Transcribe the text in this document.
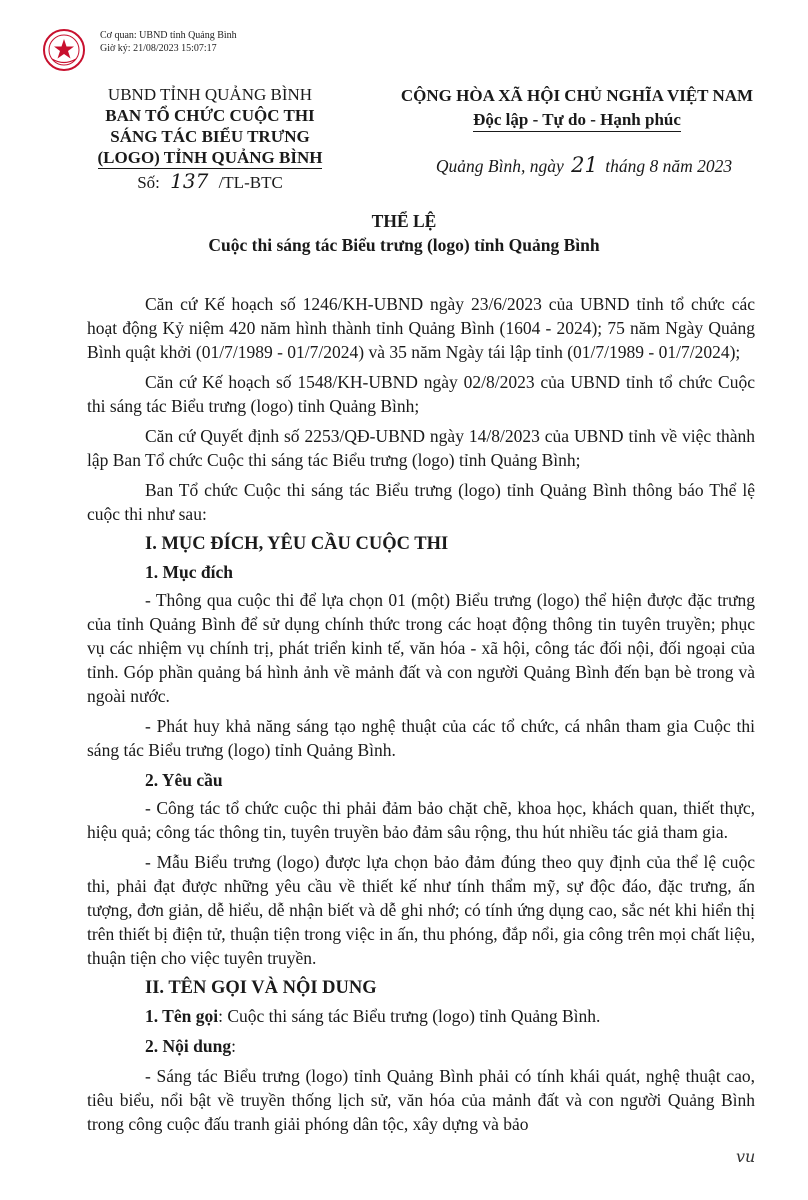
Cơ quan: UBND tỉnh Quảng Bình
Giờ ký: 21/08/2023 15:07:17
UBND TỈNH QUẢNG BÌNH
BAN TỔ CHỨC CUỘC THI
SÁNG TÁC BIỂU TRƯNG
(LOGO) TỈNH QUẢNG BÌNH
Số: 137 /TL-BTC
CỘNG HÒA XÃ HỘI CHỦ NGHĨA VIỆT NAM
Độc lập - Tự do - Hạnh phúc
Quảng Bình, ngày 21 tháng 8 năm 2023
THỂ LỆ
Cuộc thi sáng tác Biểu trưng (logo) tỉnh Quảng Bình

Căn cứ Kế hoạch số 1246/KH-UBND ngày 23/6/2023 của UBND tỉnh tổ chức các hoạt động Kỷ niệm 420 năm hình thành tỉnh Quảng Bình (1604 - 2024); 75 năm Ngày Quảng Bình quật khởi (01/7/1989 - 01/7/2024) và 35 năm Ngày tái lập tỉnh (01/7/1989 - 01/7/2024);

Căn cứ Kế hoạch số 1548/KH-UBND ngày 02/8/2023 của UBND tỉnh tổ chức Cuộc thi sáng tác Biểu trưng (logo) tỉnh Quảng Bình;

Căn cứ Quyết định số 2253/QĐ-UBND ngày 14/8/2023 của UBND tỉnh về việc thành lập Ban Tổ chức Cuộc thi sáng tác Biểu trưng (logo) tỉnh Quảng Bình;

Ban Tổ chức Cuộc thi sáng tác Biểu trưng (logo) tỉnh Quảng Bình thông báo Thể lệ cuộc thi như sau:

I. MỤC ĐÍCH, YÊU CẦU CUỘC THI
1. Mục đích

- Thông qua cuộc thi để lựa chọn 01 (một) Biểu trưng (logo) thể hiện được đặc trưng của tỉnh Quảng Bình để sử dụng chính thức trong các hoạt động thông tin tuyên truyền; phục vụ các nhiệm vụ chính trị, phát triển kinh tế, văn hóa - xã hội, công tác đối nội, đối ngoại của tỉnh. Góp phần quảng bá hình ảnh về mảnh đất và con người Quảng Bình đến bạn bè trong và ngoài nước.

- Phát huy khả năng sáng tạo nghệ thuật của các tổ chức, cá nhân tham gia Cuộc thi sáng tác Biểu trưng (logo) tỉnh Quảng Bình.

2. Yêu cầu

- Công tác tổ chức cuộc thi phải đảm bảo chặt chẽ, khoa học, khách quan, thiết thực, hiệu quả; công tác thông tin, tuyên truyền bảo đảm sâu rộng, thu hút nhiều tác giả tham gia.

- Mẫu Biểu trưng (logo) được lựa chọn bảo đảm đúng theo quy định của thể lệ cuộc thi, phải đạt được những yêu cầu về thiết kế như tính thẩm mỹ, sự độc đáo, đặc trưng, ấn tượng, đơn giản, dễ hiểu, dễ nhận biết và dễ ghi nhớ; có tính ứng dụng cao, sắc nét khi hiển thị trên thiết bị điện tử, thuận tiện trong việc in ấn, thu phóng, đắp nổi, gia công trên mọi chất liệu, thuận tiện cho việc tuyên truyền.

II. TÊN GỌI VÀ NỘI DUNG

1. Tên gọi: Cuộc thi sáng tác Biểu trưng (logo) tỉnh Quảng Bình.

2. Nội dung:

- Sáng tác Biểu trưng (logo) tỉnh Quảng Bình phải có tính khái quát, nghệ thuật cao, tiêu biểu, nổi bật về truyền thống lịch sử, văn hóa của mảnh đất và con người Quảng Bình trong công cuộc đấu tranh giải phóng dân tộc, xây dựng và bảo

vu
